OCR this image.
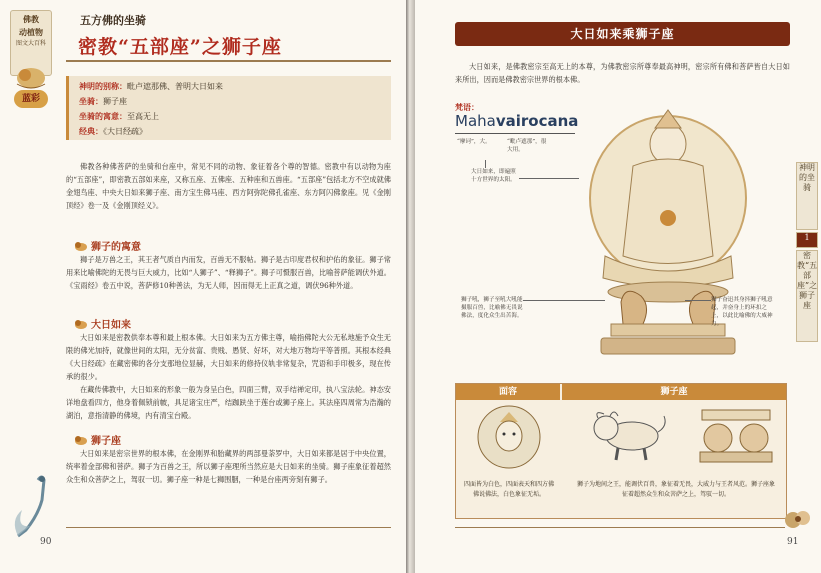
佛教
动植物
图文大百科
蓝彩
五方佛的坐骑
密教“五部座”之狮子座
神明的别称：毗卢遮那佛、普明大日如来
坐骑：狮子座
坐骑的寓意：至高无上
经典：《大日经疏》
佛教各种佛菩萨的坐骑和台座中，常见不同的动物、象征着各个尊的智德。密教中有以动物为座的“五部座”，即密教五部如来座，又称五座、五佛座、五种座和五兽座。“五部座”包括北方不空成就佛金翅鸟座、中央大日如来狮子座、南方宝生佛马座、西方阿弥陀佛孔雀座、东方阿闪佛象座。见《金刚顶经》卷一及《金刚顶经义》。
狮子的寓意
狮子是万兽之王，其王者气质自内而发，百兽无不服帖。狮子是古印度君权和护佑的象征。狮子常用来比喻佛陀的无畏与巨大威力，比如“人狮子”、“释狮子”。狮子可慑服百兽，比喻菩萨能调伏外道。《宝雨经》卷五中说，菩萨修10种善法，为无人师，因而得无上正真之道，调伏96种外道。
大日如来
大日如来是密教供奉本尊和最上根本佛。大日如来为五方佛主尊，喻指佛陀大公无私地施予众生无限的佛光加持，就像世间的太阳，无分贫富、贵贱、愚贤、好坏，对大地万物均平等普照。其根本经典《大日经疏》在藏密佛的各分支那地位显赫，大日如来的修持仪轨非常复杂，咒语和手印极多，现在传承的很少。
在藏传佛教中，大日如来的形象一般为身呈白色，四面三臂，双手结禅定印，执八宝法轮。神态安详地盘看四方，他身着佩锁前帔，具足诸宝庄严，结跏趺坐于莲台或狮子座上。其法座四周常为浩瀚的湖泊，意指清静的佛境，内有清宝台殿。
狮子座
大日如来是密宗世界的根本佛，在金刚界和胎藏界的两部曼荼罗中，大日如来都是居于中央位置，统率着金部佛和菩萨。狮子为百兽之王，所以狮子座理所当然应是大日如来的坐骑。狮子座象征着超然众生和众菩萨之上，驾驭一切。狮子座一种是七狮围胭，一种是台座两旁刻有狮子。
90
大日如来乘狮子座
大日如来，是佛教密宗至高无上的本尊，为佛教密宗所尊奉最高神明，密宗所有佛和菩萨皆自大日如来所出，因而是佛教密宗世界的根本佛。
梵语：
Mahavairocana
“摩诃”，大。	“毗卢遮那”，很大用。
大日如来，即遍照十方世界的太阳。
狮子吼，狮子至吼大吼能摄服百兽，比喻佛无畏说佛法，度化众生出苦海。
狮子奋迅其身抖狮子吼意起，并奋身上的环扣之上，以此比喻佛的大威神力。
神明的坐骑
1
密教“五部座”之狮子座
面容	狮子座
四面皆为白色，四面表天和四方佛佛说佛法，白色象征无垢。
狮子为地间之王，能调伏百兽，象征着无畏，大威力与王者风范。狮子座象征着超然众生和众菩萨之上，驾驭一切。
91
